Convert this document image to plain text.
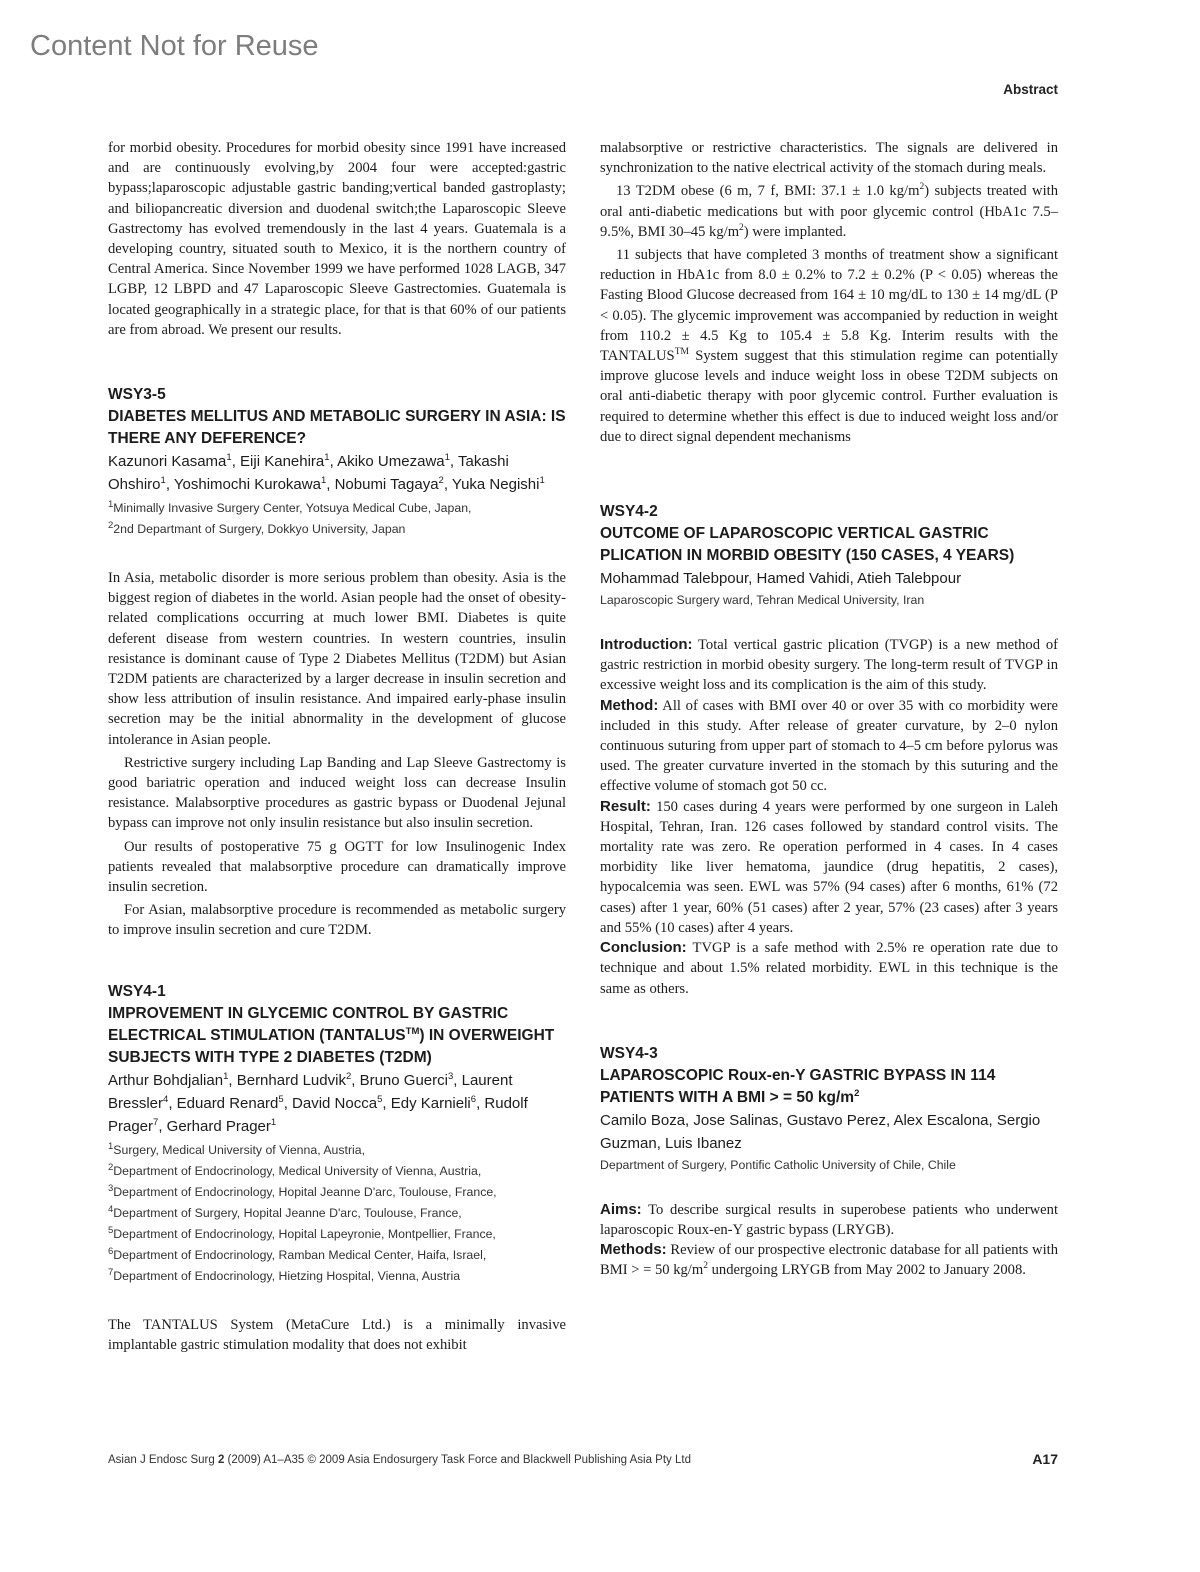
Content Not for Reuse
Abstract

for morbid obesity. Procedures for morbid obesity since 1991 have increased and are continuously evolving,by 2004 four were accepted:gastric bypass;laparoscopic adjustable gastric banding;vertical banded gastroplasty; and biliopancreatic diversion and duodenal switch;the Laparoscopic Sleeve Gastrectomy has evolved tremendously in the last 4 years. Guatemala is a developing country, situated south to Mexico, it is the northern country of Central America. Since November 1999 we have performed 1028 LAGB, 347 LGBP, 12 LBPD and 47 Laparoscopic Sleeve Gastrectomies. Guatemala is located geographically in a strategic place, for that is that 60% of our patients are from abroad. We present our results.

WSY3-5

DIABETES MELLITUS AND METABOLIC SURGERY IN ASIA: IS THERE ANY DEFERENCE?

Kazunori Kasama$^1$, Eiji Kanehira$^1$, Akiko Umezawa$^1$, Takashi Ohshiro$^1$, Yoshimochi Kurokawa$^1$, Nobumi Tagaya$^2$, Yuka Negishi$^1$

$^1$Minimally Invasive Surgery Center, Yotsuya Medical Cube, Japan,

$^2$2nd Departmant of Surgery, Dokkyo University, Japan

In Asia, metabolic disorder is more serious problem than obesity. Asia is the biggest region of diabetes in the world. Asian people had the onset of obesity-related complications occurring at much lower BMI. Diabetes is quite deferent disease from western countries. In western countries, insulin resistance is dominant cause of Type 2 Diabetes Mellitus (T2DM) but Asian T2DM patients are characterized by a larger decrease in insulin secretion and show less attribution of insulin resistance. And impaired early-phase insulin secretion may be the initial abnormality in the development of glucose intolerance in Asian people.

Restrictive surgery including Lap Banding and Lap Sleeve Gastrectomy is good bariatric operation and induced weight loss can decrease Insulin resistance. Malabsorptive procedures as gastric bypass or Duodenal Jejunal bypass can improve not only insulin resistance but also insulin secretion.

Our results of postoperative 75 g OGTT for low Insulinogenic Index patients revealed that malabsorptive procedure can dramatically improve insulin secretion.

For Asian, malabsorptive procedure is recommended as metabolic surgery to improve insulin secretion and cure T2DM.

WSY4-1

IMPROVEMENT IN GLYCEMIC CONTROL BY GASTRIC ELECTRICAL STIMULATION (TANTALUS™) IN OVERWEIGHT SUBJECTS WITH TYPE 2 DIABETES (T2DM)

Arthur Bohdjalian$^1$, Bernhard Ludvik$^2$, Bruno Guerci$^3$, Laurent Bressler$^4$, Eduard Renard$^5$, David Nocca$^5$, Edy Karnieli$^6$, Rudolf Prager$^7$, Gerhard Prager$^1$

$^1$Surgery, Medical University of Vienna, Austria,

$^2$Department of Endocrinology, Medical University of Vienna, Austria,

$^3$Department of Endocrinology, Hopital Jeanne D'arc, Toulouse, France,

$^4$Department of Surgery, Hopital Jeanne D'arc, Toulouse, France,

$^5$Department of Endocrinology, Hopital Lapeyronie, Montpellier, France,

$^6$Department of Endocrinology, Ramban Medical Center, Haifa, Israel,

$^7$Department of Endocrinology, Hietzing Hospital, Vienna, Austria

The TANTALUS System (MetaCure Ltd.) is a minimally invasive implantable gastric stimulation modality that does not exhibit

malabsorptive or restrictive characteristics. The signals are delivered in synchronization to the native electrical activity of the stomach during meals.

13 T2DM obese (6 m, 7 f, BMI: 37.1 ± 1.0 $kg/m^2$) subjects treated with oral anti-diabetic medications but with poor glycemic control (HbA1c 7.5–9.5%, BMI 30–45 $kg/m^2$) were implanted.

11 subjects that have completed 3 months of treatment show a significant reduction in HbA1c from 8.0 ± 0.2% to 7.2 ± 0.2% (P < 0.05) whereas the Fasting Blood Glucose decreased from 164 ± 10 mg/dL to 130 ± 14 mg/dL (P < 0.05). The glycemic improvement was accompanied by reduction in weight from 110.2 ± 4.5 Kg to 105.4 ± 5.8 Kg. Interim results with the TANTALUS™ System suggest that this stimulation regime can potentially improve glucose levels and induce weight loss in obese T2DM subjects on oral anti-diabetic therapy with poor glycemic control. Further evaluation is required to determine whether this effect is due to induced weight loss and/or due to direct signal dependent mechanisms

WSY4-2

OUTCOME OF LAPAROSCOPIC VERTICAL GASTRIC PLICATION IN MORBID OBESITY (150 CASES, 4 YEARS)

Mohammad Talebpour, Hamed Vahidi, Atieh Talebpour

Laparoscopic Surgery ward, Tehran Medical University, Iran

Introduction: Total vertical gastric plication (TVGP) is a new method of gastric restriction in morbid obesity surgery. The long-term result of TVGP in excessive weight loss and its complication is the aim of this study.

Method: All of cases with BMI over 40 or over 35 with co morbidity were included in this study. After release of greater curvature, by 2–0 nylon continuous suturing from upper part of stomach to 4–5 cm before pylorus was used. The greater curvature inverted in the stomach by this suturing and the effective volume of stomach got 50 cc.

Result: 150 cases during 4 years were performed by one surgeon in Laleh Hospital, Tehran, Iran. 126 cases followed by standard control visits. The mortality rate was zero. Re operation performed in 4 cases. In 4 cases morbidity like liver hematoma, jaundice (drug hepatitis, 2 cases), hypocalcemia was seen. EWL was 57% (94 cases) after 6 months, 61% (72 cases) after 1 year, 60% (51 cases) after 2 year, 57% (23 cases) after 3 years and 55% (10 cases) after 4 years.

Conclusion: TVGP is a safe method with 2.5% re operation rate due to technique and about 1.5% related morbidity. EWL in this technique is the same as others.

WSY4-3

LAPAROSCOPIC Roux-en-Y GASTRIC BYPASS IN 114 PATIENTS WITH A BMI > = 50 $kg/m^2$

Camilo Boza, Jose Salinas, Gustavo Perez, Alex Escalona, Sergio Guzman, Luis Ibanez

Department of Surgery, Pontific Catholic University of Chile, Chile

Aims: To describe surgical results in superobese patients who underwent laparoscopic Roux-en-Y gastric bypass (LRYGB).

Methods: Review of our prospective electronic database for all patients with BMI > = 50 $kg/m^2$ undergoing LRYGB from May 2002 to January 2008.

Asian J Endosc Surg 2 (2009) A1–A35 © 2009 Asia Endosurgery Task Force and Blackwell Publishing Asia Pty Ltd	A17
